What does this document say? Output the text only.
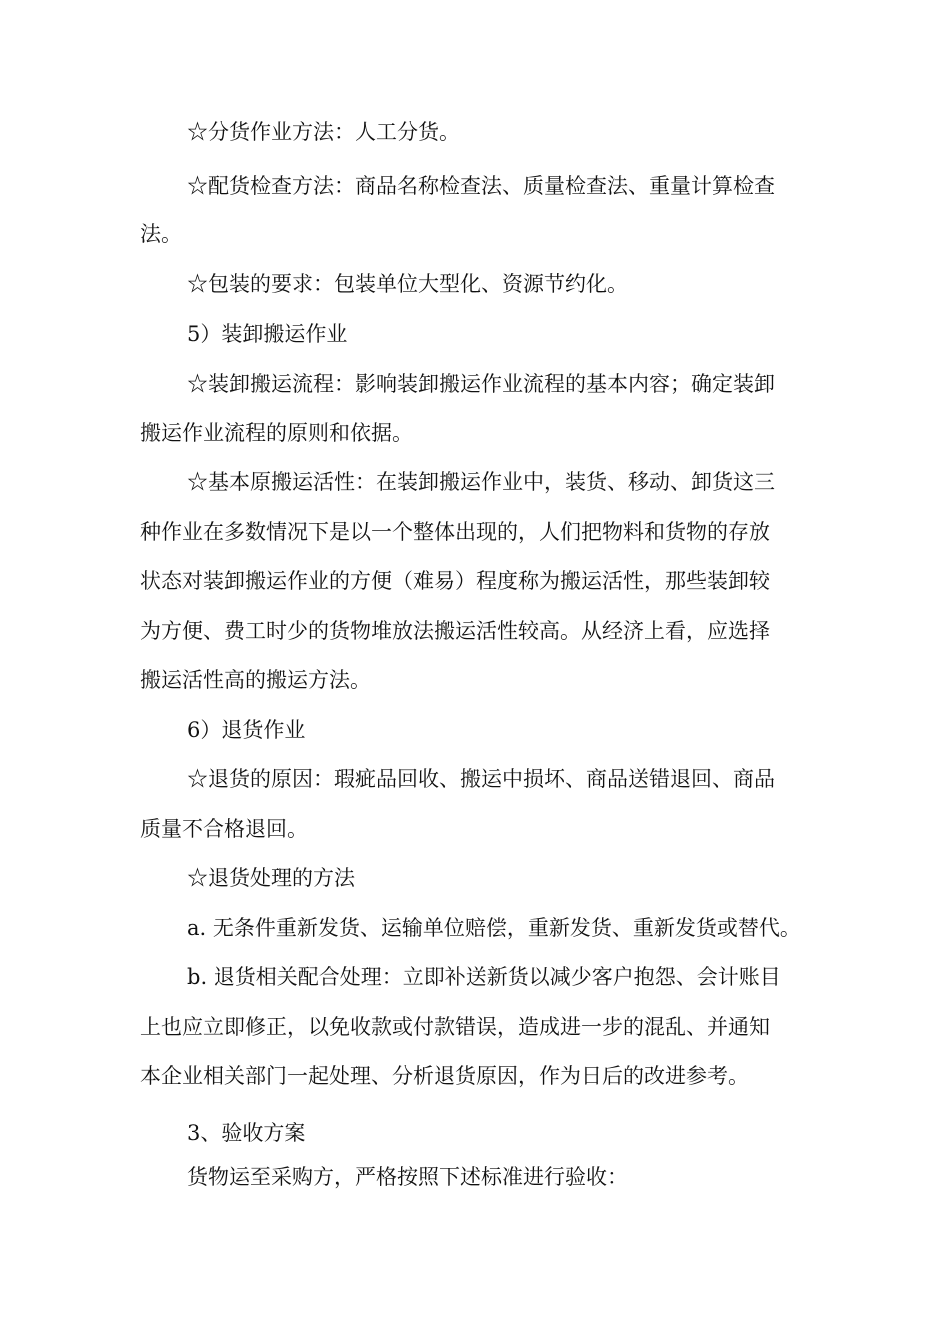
☆分货作业方法：人工分货。
☆配货检查方法：商品名称检查法、质量检查法、重量计算检查
法。
☆包装的要求：包装单位大型化、资源节约化。
5）装卸搬运作业
☆装卸搬运流程：影响装卸搬运作业流程的基本内容；确定装卸
搬运作业流程的原则和依据。
☆基本原搬运活性：在装卸搬运作业中，装货、移动、卸货这三
种作业在多数情况下是以一个整体出现的，人们把物料和货物的存放
状态对装卸搬运作业的方便（难易）程度称为搬运活性，那些装卸较
为方便、费工时少的货物堆放法搬运活性较高。从经济上看，应选择
搬运活性高的搬运方法。
6）退货作业
☆退货的原因：瑕疵品回收、搬运中损坏、商品送错退回、商品
质量不合格退回。
☆退货处理的方法
a. 无条件重新发货、运输单位赔偿，重新发货、重新发货或替代。
b. 退货相关配合处理：立即补送新货以减少客户抱怨、会计账目
上也应立即修正，以免收款或付款错误，造成进一步的混乱、并通知
本企业相关部门一起处理、分析退货原因，作为日后的改进参考。
3、验收方案
货物运至采购方，严格按照下述标准进行验收：
